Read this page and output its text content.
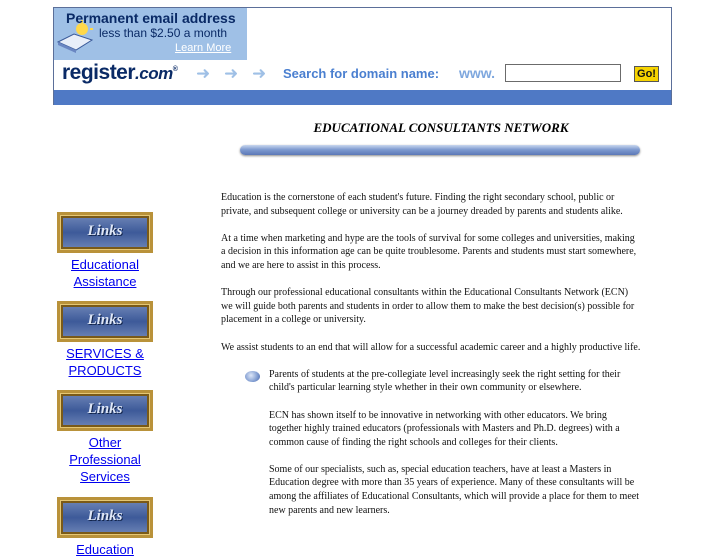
Permanent email address
less than $2.50 a month
Learn More
register.com® ➜ ➜ ➜ Search for domain name: www.	Go!
EDUCATIONAL CONSULTANTS NETWORK
Links
Educational Assistance
Links
SERVICES & PRODUCTS
Links
Other Professional Services
Links
Education

Education is the cornerstone of each student's future. Finding the right secondary school, public or private, and subsequent college or university can be a journey dreaded by parents and students alike.

At a time when marketing and hype are the tools of survival for some colleges and universities, making a decision in this information age can be quite troublesome. Parents and students must start somewhere, and we are here to assist in this process.

Through our professional educational consultants within the Educational Consultants Network (ECN) we will guide both parents and students in order to allow them to make the best decision(s) possible for placement in a college or university.

We assist students to an end that will allow for a successful academic career and a highly productive life.

Parents of students at the pre-collegiate level increasingly seek the right setting for their child's particular learning style whether in their own community or elsewhere.

ECN has shown itself to be innovative in networking with other educators. We bring together highly trained educators (professionals with Masters and Ph.D. degrees) with a common cause of finding the right schools and colleges for their clients.

Some of our specialists, such as, special education teachers, have at least a Masters in Education degree with more than 35 years of experience. Many of these consultants will be among the affiliates of Educational Consultants, which will provide a place for them to meet new parents and new learners.
